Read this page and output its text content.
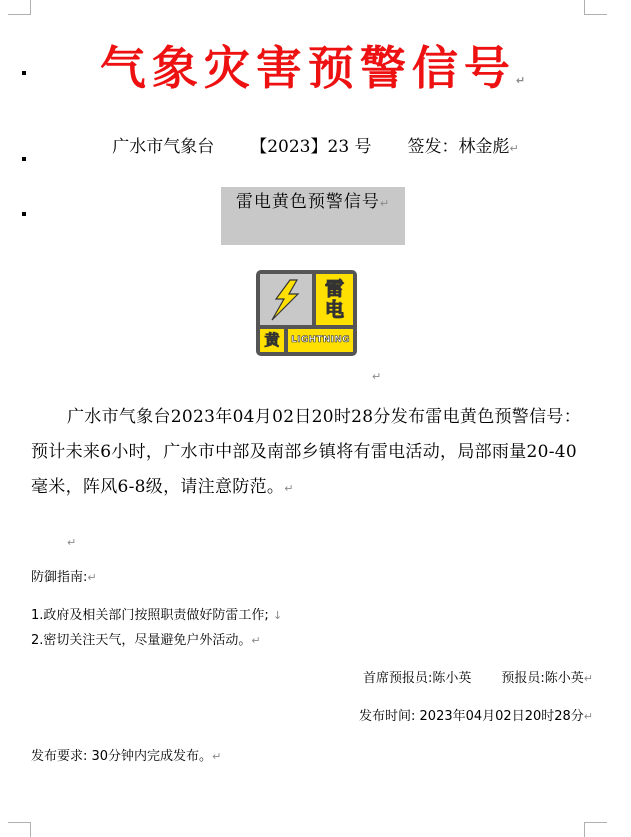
气象灾害预警信号↵
广水市气象台 【2023】23 号 签发：林金彪↵
雷电黄色预警信号↵
雷
电
黄	LIGHTNING
↵
广水市气象台2023年04月02日20时28分发布雷电黄色预警信号：预计未来6小时，广水市中部及南部乡镇将有雷电活动，局部雨量20-40毫米，阵风6-8级，请注意防范。↵
↵
防御指南:↵
1.政府及相关部门按照职责做好防雷工作; ↓
2.密切关注天气，尽量避免户外活动。↵
首席预报员:陈小英 预报员:陈小英↵
发布时间: 2023年04月02日20时28分↵
发布要求: 30分钟内完成发布。↵
